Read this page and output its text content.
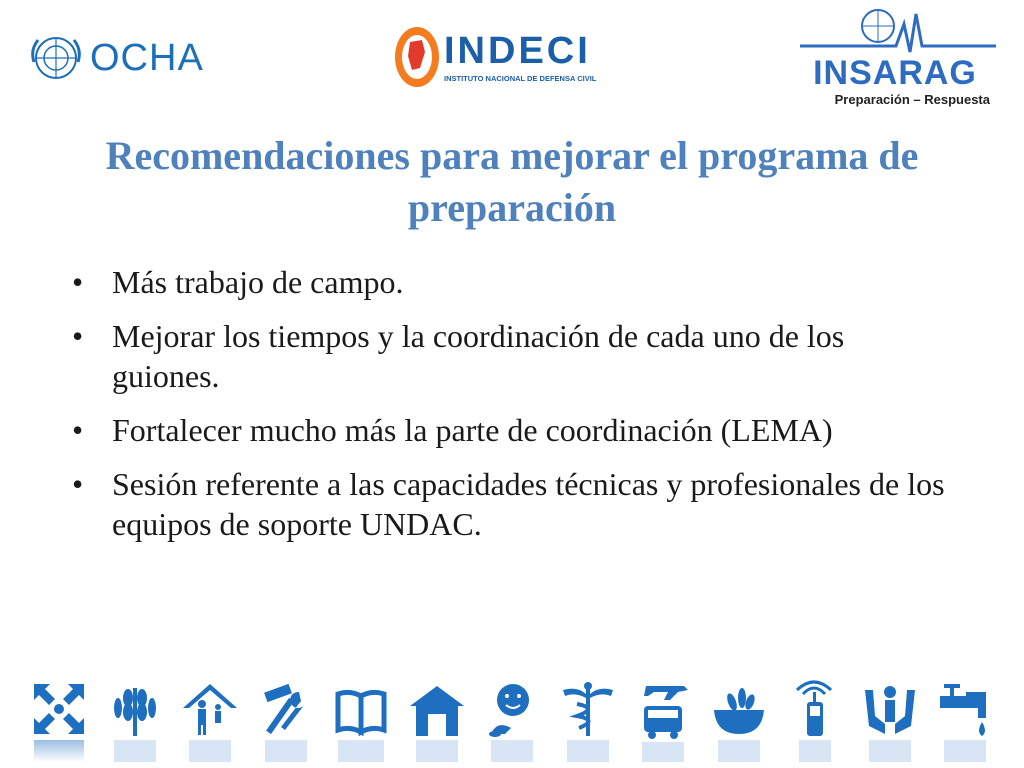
OCHA	INDECI
INSTITUTO NACIONAL DE DEFENSA CIVIL	INSARAG
Preparación – Respuesta
Recomendaciones para mejorar el programa de preparación
• Más trabajo de campo.
• Mejorar los tiempos y la coordinación de cada uno de los guiones.
• Fortalecer mucho más la parte de coordinación (LEMA)
• Sesión referente a las capacidades técnicas y profesionales de los equipos de soporte UNDAC.
